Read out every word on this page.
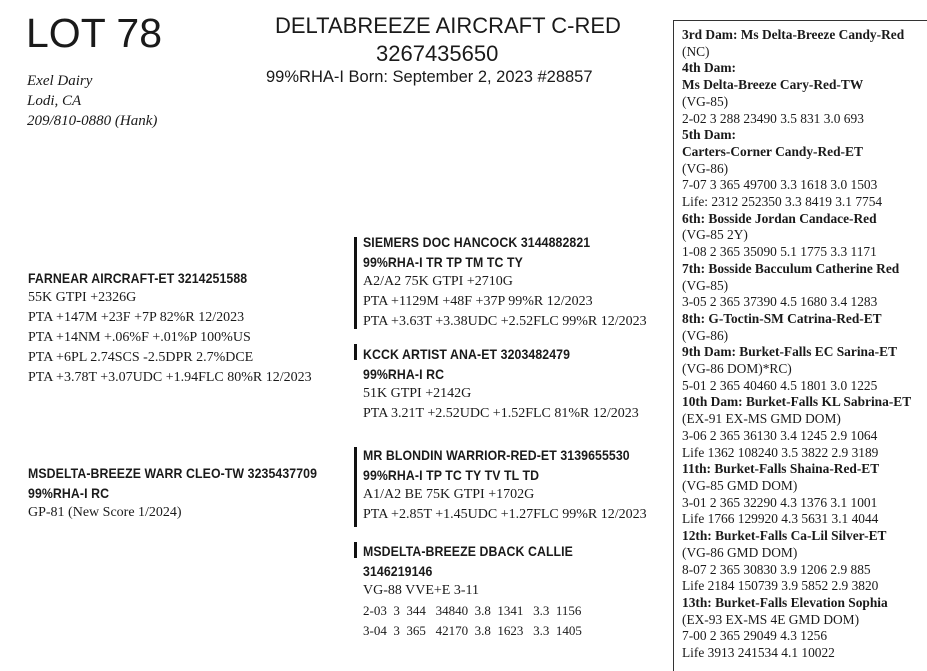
LOT 78	DELTABREEZE AIRCRAFT C-RED
3267435650
99%RHA-I Born: September 2, 2023 #28857
Exel Dairy
Lodi, CA
209/810-0880 (Hank)
FARNEAR AIRCRAFT-ET 3214251588
55K GTPI +2326G
PTA +147M +23F +7P 82%R 12/2023
PTA +14NM +.06%F +.01%P 100%US
PTA +6PL 2.74SCS -2.5DPR 2.7%DCE
PTA +3.78T +3.07UDC +1.94FLC 80%R 12/2023
MSDELTA-BREEZE WARR CLEO-TW 3235437709
99%RHA-I RC
GP-81 (New Score 1/2024)
SIEMERS DOC HANCOCK 3144882821
99%RHA-I TR TP TM TC TY
A2/A2 75K GTPI +2710G
PTA +1129M +48F +37P 99%R 12/2023
PTA +3.63T +3.38UDC +2.52FLC 99%R 12/2023
KCCK ARTIST ANA-ET 3203482479
99%RHA-I RC
51K GTPI +2142G
PTA 3.21T +2.52UDC +1.52FLC 81%R 12/2023
MR BLONDIN WARRIOR-RED-ET 3139655530
99%RHA-I TP TC TY TV TL TD
A1/A2 BE 75K GTPI +1702G
PTA +2.85T +1.45UDC +1.27FLC 99%R 12/2023
MSDELTA-BREEZE DBACK CALLIE
3146219146
VG-88 VVE+E 3-11
2-03  3  344   34840  3.8  1341   3.3  1156
3-04  3  365   42170  3.8  1623   3.3  1405
3rd Dam: Ms Delta-Breeze Candy-Red
(NC)
4th Dam:
Ms Delta-Breeze Cary-Red-TW
(VG-85)
2-02 3 288 23490 3.5 831 3.0 693
5th Dam:
Carters-Corner Candy-Red-ET
(VG-86)
7-07 3 365 49700 3.3 1618 3.0 1503
Life: 2312 252350 3.3 8419 3.1 7754
6th: Bosside Jordan Candace-Red
(VG-85 2Y)
1-08 2 365 35090 5.1 1775 3.3 1171
7th: Bosside Bacculum Catherine Red
(VG-85)
3-05 2 365 37390 4.5 1680 3.4 1283
8th: G-Toctin-SM Catrina-Red-ET
(VG-86)
9th Dam: Burket-Falls EC Sarina-ET
(VG-86 DOM)*RC)
5-01 2 365 40460 4.5 1801 3.0 1225
10th Dam: Burket-Falls KL Sabrina-ET
(EX-91 EX-MS GMD DOM)
3-06 2 365 36130 3.4 1245 2.9 1064
Life 1362 108240 3.5 3822 2.9 3189
11th: Burket-Falls Shaina-Red-ET
(VG-85 GMD DOM)
3-01 2 365 32290 4.3 1376 3.1 1001
Life 1766 129920 4.3 5631 3.1 4044
12th: Burket-Falls Ca-Lil Silver-ET
(VG-86 GMD DOM)
8-07 2 365 30830 3.9 1206 2.9 885
Life 2184 150739 3.9 5852 2.9 3820
13th: Burket-Falls Elevation Sophia
(EX-93 EX-MS 4E GMD DOM)
7-00 2 365 29049 4.3 1256
Life 3913 241534 4.1 10022
